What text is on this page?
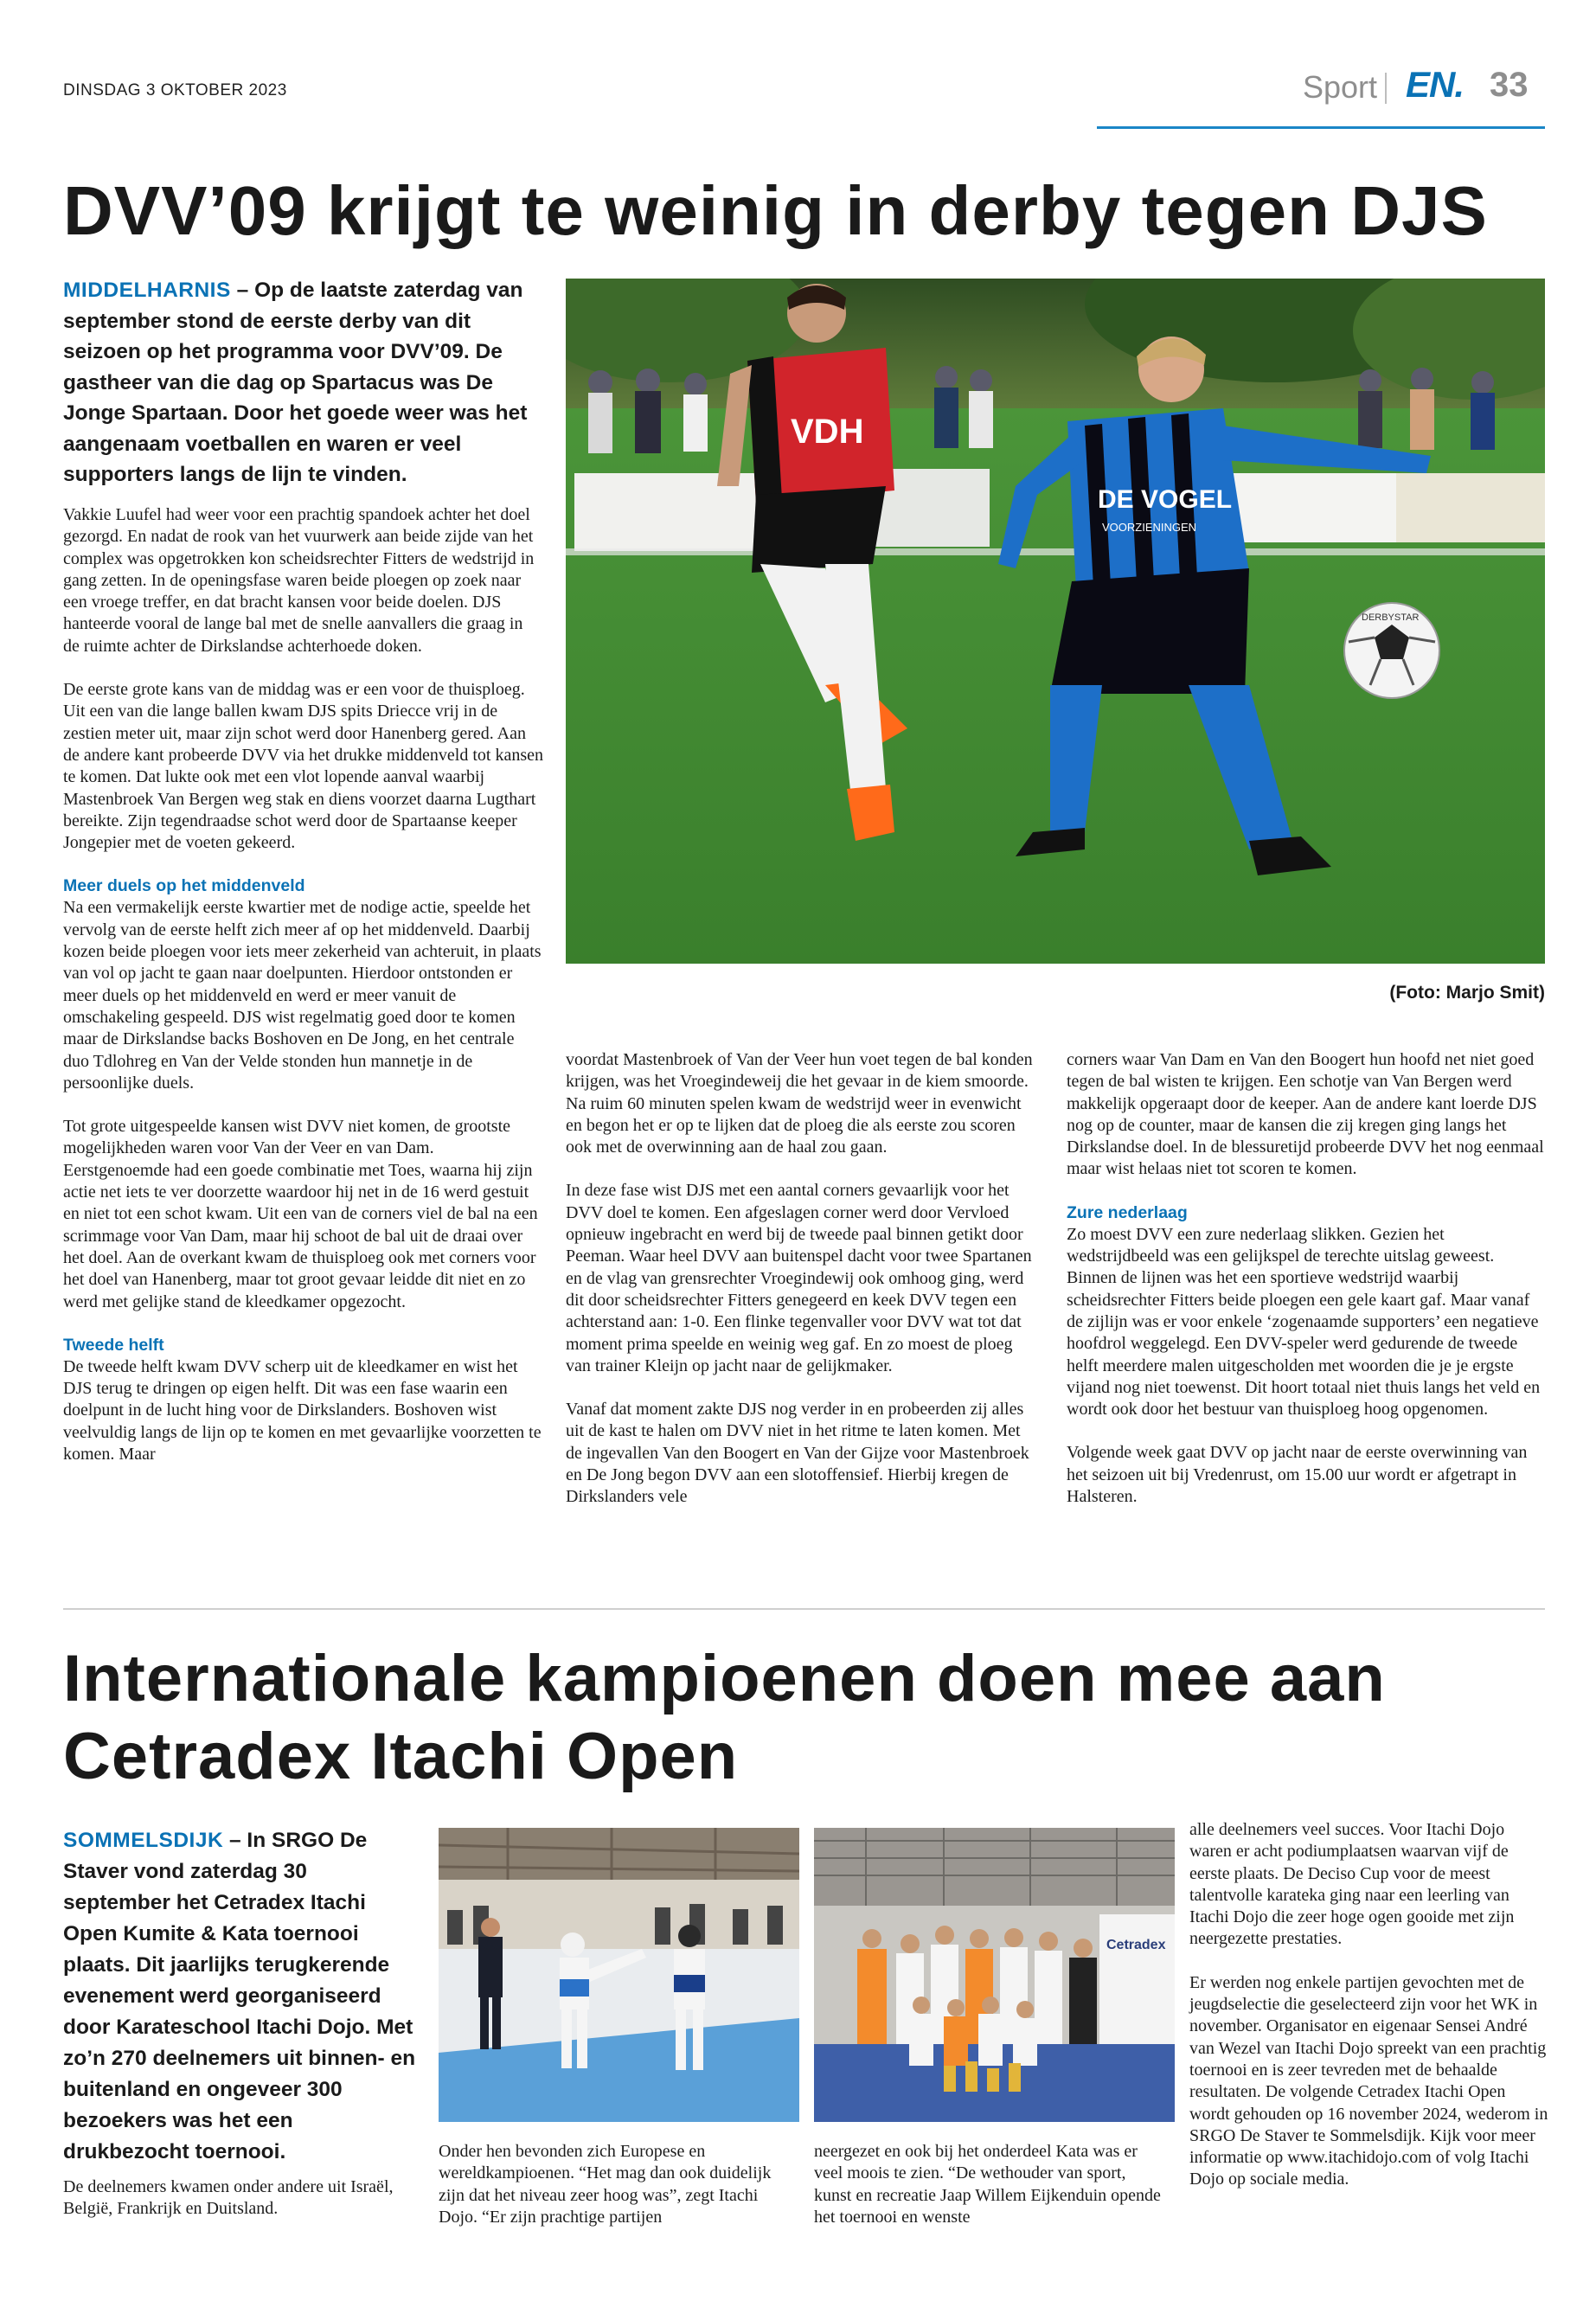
DINSDAG 3 OKTOBER 2023	Sport EN. 33
DVV’09 krijgt te weinig in derby tegen DJS
MIDDELHARNIS – Op de laatste zaterdag van september stond de eerste derby van dit seizoen op het programma voor DVV’09. De gastheer van die dag op Spartacus was De Jonge Spartaan. Door het goede weer was het aangenaam voetballen en waren er veel supporters langs de lijn te vinden.
VDH
DE VOGEL
VOORZIENINGEN
DERBYSTAR
(Foto: Marjo Smit)

Vakkie Luufel had weer voor een prachtig spandoek achter het doel gezorgd. En nadat de rook van het vuurwerk aan beide zijde van het complex was opgetrokken kon scheidsrechter Fitters de wedstrijd in gang zetten. In de openingsfase waren beide ploegen op zoek naar een vroege treffer, en dat bracht kansen voor beide doelen. DJS hanteerde vooral de lange bal met de snelle aanvallers die graag in de ruimte achter de Dirkslandse achterhoede doken.

De eerste grote kans van de middag was er een voor de thuisploeg. Uit een van die lange ballen kwam DJS spits Driecce vrij in de zestien meter uit, maar zijn schot werd door Hanenberg gered. Aan de andere kant probeerde DVV via het drukke middenveld tot kansen te komen. Dat lukte ook met een vlot lopende aanval waarbij Mastenbroek Van Bergen weg stak en diens voorzet daarna Lugthart bereikte. Zijn tegendraadse schot werd door de Spartaanse keeper Jongepier met de voeten gekeerd.

Meer duels op het middenveld

Na een vermakelijk eerste kwartier met de nodige actie, speelde het vervolg van de eerste helft zich meer af op het middenveld. Daarbij kozen beide ploegen voor iets meer zekerheid van achteruit, in plaats van vol op jacht te gaan naar doelpunten. Hierdoor ontstonden er meer duels op het middenveld en werd er meer vanuit de omschakeling gespeeld. DJS wist regelmatig goed door te komen maar de Dirkslandse backs Boshoven en De Jong, en het centrale duo Tdlohreg en Van der Velde stonden hun mannetje in de persoonlijke duels.

Tot grote uitgespeelde kansen wist DVV niet komen, de grootste mogelijkheden waren voor Van der Veer en van Dam. Eerstgenoemde had een goede combinatie met Toes, waarna hij zijn actie net iets te ver doorzette waardoor hij net in de 16 werd gestuit en niet tot een schot kwam. Uit een van de corners viel de bal na een scrimmage voor Van Dam, maar hij schoot de bal uit de draai over het doel. Aan de overkant kwam de thuisploeg ook met corners voor het doel van Hanenberg, maar tot groot gevaar leidde dit niet en zo werd met gelijke stand de kleedkamer opgezocht.

Tweede helft

De tweede helft kwam DVV scherp uit de kleedkamer en wist het DJS terug te dringen op eigen helft. Dit was een fase waarin een doelpunt in de lucht hing voor de Dirkslanders. Boshoven wist veelvuldig langs de lijn op te komen en met gevaarlijke voorzetten te komen. Maar

voordat Mastenbroek of Van der Veer hun voet tegen de bal konden krijgen, was het Vroegindeweij die het gevaar in de kiem smoorde. Na ruim 60 minuten spelen kwam de wedstrijd weer in evenwicht en begon het er op te lijken dat de ploeg die als eerste zou scoren ook met de overwinning aan de haal zou gaan.

In deze fase wist DJS met een aantal corners gevaarlijk voor het DVV doel te komen. Een afgeslagen corner werd door Vervloed opnieuw ingebracht en werd bij de tweede paal binnen getikt door Peeman. Waar heel DVV aan buitenspel dacht voor twee Spartanen en de vlag van grensrechter Vroegindewij ook omhoog ging, werd dit door scheidsrechter Fitters genegeerd en keek DVV tegen een achterstand aan: 1-0. Een flinke tegenvaller voor DVV wat tot dat moment prima speelde en weinig weg gaf. En zo moest de ploeg van trainer Kleijn op jacht naar de gelijkmaker.

Vanaf dat moment zakte DJS nog verder in en probeerden zij alles uit de kast te halen om DVV niet in het ritme te laten komen. Met de ingevallen Van den Boogert en Van der Gijze voor Mastenbroek en De Jong begon DVV aan een slotoffensief. Hierbij kregen de Dirkslanders vele

corners waar Van Dam en Van den Boogert hun hoofd net niet goed tegen de bal wisten te krijgen. Een schotje van Van Bergen werd makkelijk opgeraapt door de keeper. Aan de andere kant loerde DJS nog op de counter, maar de kansen die zij kregen ging langs het Dirkslandse doel. In de blessuretijd probeerde DVV het nog eenmaal maar wist helaas niet tot scoren te komen.

Zure nederlaag

Zo moest DVV een zure nederlaag slikken. Gezien het wedstrijdbeeld was een gelijkspel de terechte uitslag geweest. Binnen de lijnen was het een sportieve wedstrijd waarbij scheidsrechter Fitters beide ploegen een gele kaart gaf. Maar vanaf de zijlijn was er voor enkele ‘zogenaamde supporters’ een negatieve hoofdrol weggelegd. Een DVV-speler werd gedurende de tweede helft meerdere malen uitgescholden met woorden die je je ergste vijand nog niet toewenst. Dit hoort totaal niet thuis langs het veld en wordt ook door het bestuur van thuisploeg hoog opgenomen.

Volgende week gaat DVV op jacht naar de eerste overwinning van het seizoen uit bij Vredenrust, om 15.00 uur wordt er afgetrapt in Halsteren.

Internationale kampioenen doen mee aan Cetradex Itachi Open
SOMMELSDIJK – In SRGO De Staver vond zaterdag 30 september het Cetradex Itachi Open Kumite & Kata toernooi plaats. Dit jaarlijks terugkerende evenement werd georganiseerd door Karateschool Itachi Dojo. Met zo’n 270 deelnemers uit binnen- en buitenland en ongeveer 300 bezoekers was het een drukbezocht toernooi.
Cetradex

De deelnemers kwamen onder andere uit Israël, België, Frankrijk en Duitsland.

Onder hen bevonden zich Europese en wereldkampioenen. “Het mag dan ook duidelijk zijn dat het niveau zeer hoog was”, zegt Itachi Dojo. “Er zijn prachtige partijen

neergezet en ook bij het onderdeel Kata was er veel moois te zien. “De wethouder van sport, kunst en recreatie Jaap Willem Eijkenduin opende het toernooi en wenste

alle deelnemers veel succes. Voor Itachi Dojo waren er acht podiumplaatsen waarvan vijf de eerste plaats. De Deciso Cup voor de meest talentvolle karateka ging naar een leerling van Itachi Dojo die zeer hoge ogen gooide met zijn neergezette prestaties.

Er werden nog enkele partijen gevochten met de jeugdselectie die geselecteerd zijn voor het WK in november. Organisator en eigenaar Sensei André van Wezel van Itachi Dojo spreekt van een prachtig toernooi en is zeer tevreden met de behaalde resultaten. De volgende Cetradex Itachi Open wordt gehouden op 16 november 2024, wederom in SRGO De Staver te Sommelsdijk. Kijk voor meer informatie op www.itachidojo.com of volg Itachi Dojo op sociale media.
